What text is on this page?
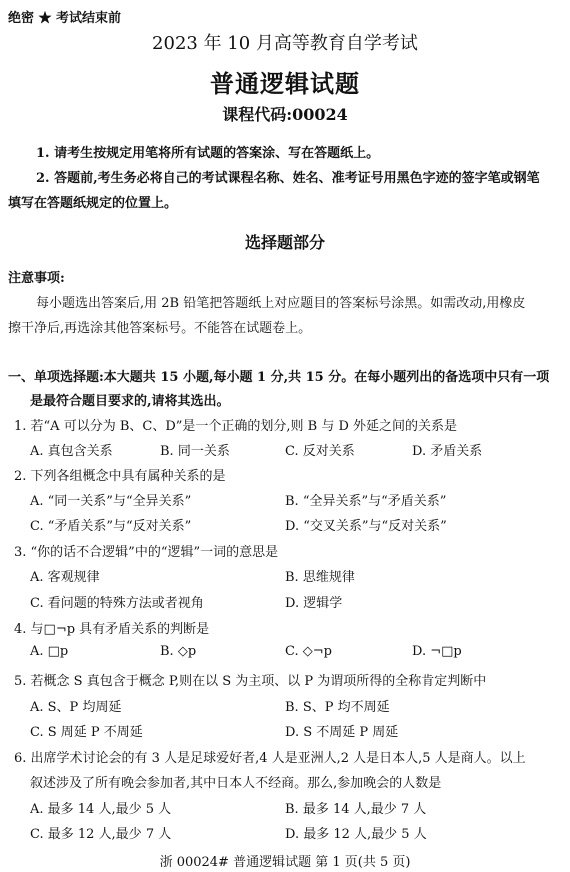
绝密 ★ 考试结束前
2023 年 10 月高等教育自学考试
普通逻辑试题
课程代码:00024
1. 请考生按规定用笔将所有试题的答案涂、写在答题纸上。
2. 答题前,考生务必将自己的考试课程名称、姓名、准考证号用黑色字迹的签字笔或钢笔
填写在答题纸规定的位置上。
选择题部分
注意事项:
每小题选出答案后,用 2B 铅笔把答题纸上对应题目的答案标号涂黑。如需改动,用橡皮
擦干净后,再选涂其他答案标号。不能答在试题卷上。
一、单项选择题:本大题共 15 小题,每小题 1 分,共 15 分。在每小题列出的备选项中只有一项
是最符合题目要求的,请将其选出。
1. 若“A 可以分为 B、C、D”是一个正确的划分,则 B 与 D 外延之间的关系是
A. 真包含关系	B. 同一关系	C. 反对关系	D. 矛盾关系
2. 下列各组概念中具有属种关系的是
A. “同一关系”与“全异关系”	B. “全异关系”与“矛盾关系”
C. “矛盾关系”与“反对关系”	D. “交叉关系”与“反对关系”
3. “你的话不合逻辑”中的“逻辑”一词的意思是
A. 客观规律	B. 思维规律
C. 看问题的特殊方法或者视角	D. 逻辑学
4. 与□¬p 具有矛盾关系的判断是
A. □p	B. ◇p	C. ◇¬p	D. ¬□p
5. 若概念 S 真包含于概念 P,则在以 S 为主项、以 P 为谓项所得的全称肯定判断中
A. S、P 均周延	B. S、P 均不周延
C. S 周延 P 不周延	D. S 不周延 P 周延
6. 出席学术讨论会的有 3 人是足球爱好者,4 人是亚洲人,2 人是日本人,5 人是商人。以上
叙述涉及了所有晚会参加者,其中日本人不经商。那么,参加晚会的人数是
A. 最多 14 人,最少 5 人	B. 最多 14 人,最少 7 人
C. 最多 12 人,最少 7 人	D. 最多 12 人,最少 5 人
浙 00024# 普通逻辑试题 第 1 页(共 5 页)
